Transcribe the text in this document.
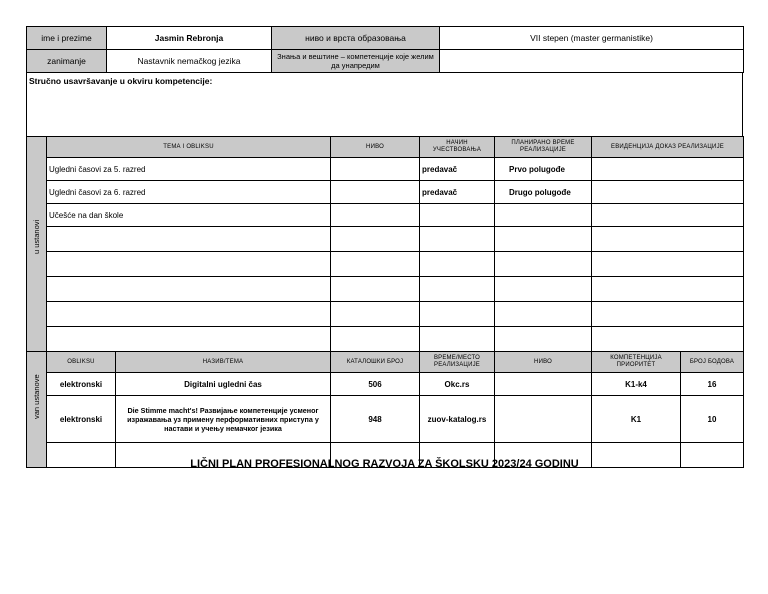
ime i prezime	Jasmin Rebronja	ниво и врста образовања	VII stepen (master germanistike)
zanimanje	Nastavnik nemačkog jezika	Знања и вештине – компетенције које желим да унапредим	
Stručno usavršavanje u okviru kompetencije:
u ustanovi	ТЕМА I OBLIKSU	НИВО	НАЧИН УЧЕСТВОВАЊА	ПЛАНИРАНО ВРЕМЕ РЕАЛИЗАЦИЈЕ	ЕВИДЕНЦИЈА ДОКАЗ РЕАЛИЗАЦИЈЕ
	Ugledni časovi za 5. razred		predavač	Prvo polugođe	
	Ugledni časovi za 6. razred		predavač	Drugo polugođe	
	Učešće na dan škole				

van ustanove	OBLIKSU	НАЗИВ/ТЕМА	КАТАЛОШКИ БРОЈ	ВРЕМЕ/МЕСТО РЕАЛИЗАЦИЈЕ	НИВО	КОМПЕТЕНЦИЈА ПРИОРИТЕТ	БРОЈ БОДОВА
	elektronski	Digitalni ugledni čas	506	Okc.rs		K1-k4	16
	elektronski	Die Stimme macht's! Развијање компетенције усменог изражавања уз примену перформативних приступа у настави и учењу немачког језика	948	zuov-katalog.rs		K1	10

LIČNI PLAN PROFESIONALNOG RAZVOJA ZA ŠKOLSKU 2023/24 GODINU
